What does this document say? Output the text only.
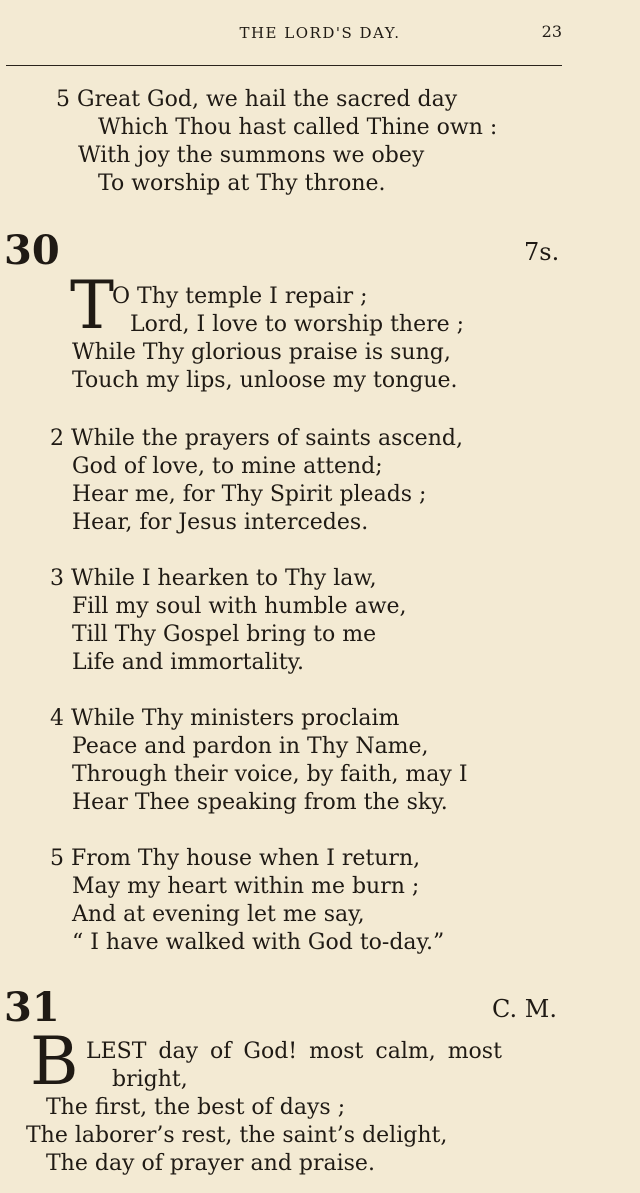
THE LORD'S DAY.	23
5 Great God, we hail the sacred day
Which Thou hast called Thine own :
With joy the summons we obey
To worship at Thy throne.
30	7s.
T
O Thy temple I repair ;
Lord, I love to worship there ;
While Thy glorious praise is sung,
Touch my lips, unloose my tongue.
2 While the prayers of saints ascend,
God of love, to mine attend;
Hear me, for Thy Spirit pleads ;
Hear, for Jesus intercedes.
3 While I hearken to Thy law,
Fill my soul with humble awe,
Till Thy Gospel bring to me
Life and immortality.
4 While Thy ministers proclaim
Peace and pardon in Thy Name,
Through their voice, by faith, may I
Hear Thee speaking from the sky.
5 From Thy house when I return,
May my heart within me burn ;
And at evening let me say,
“ I have walked with God to-day.”
31	C. M.
B LEST day of God! most calm, most
bright,
The first, the best of days ;
The laborer’s rest, the saint’s delight,
The day of prayer and praise.
